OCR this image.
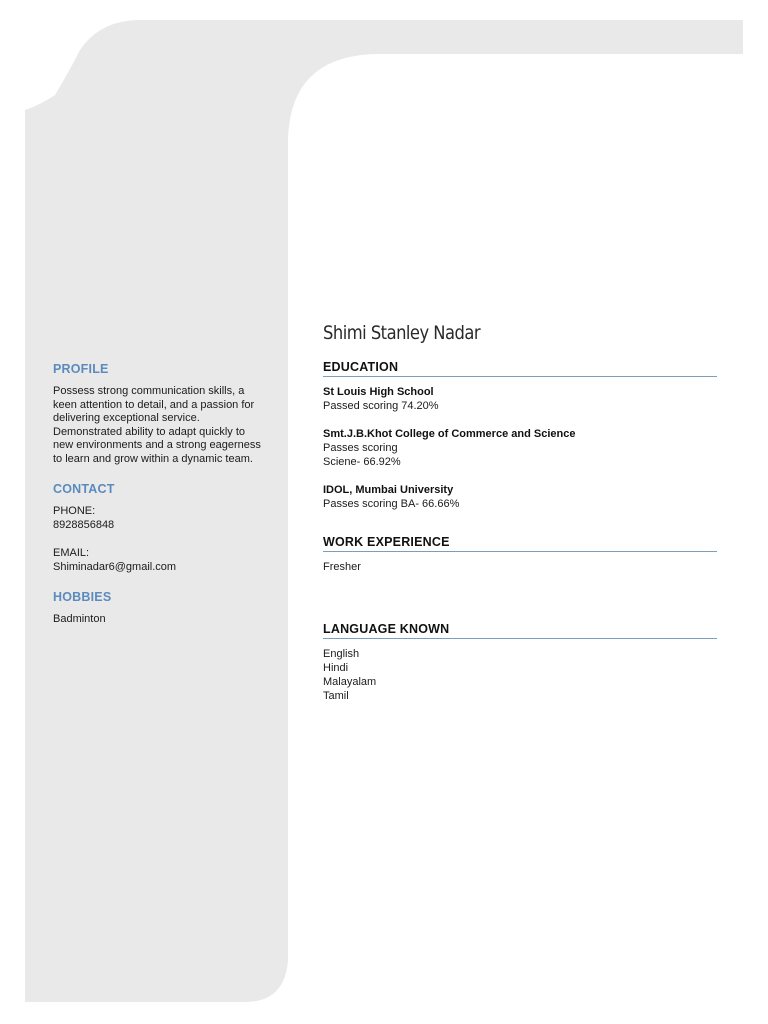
PROFILE
Possess strong communication skills, a keen attention to detail, and a passion for delivering exceptional service. Demonstrated ability to adapt quickly to new environments and a strong eagerness to learn and grow within a dynamic team.
CONTACT
PHONE:
8928856848
EMAIL:
Shiminadar6@gmail.com
HOBBIES
Badminton
Shimi Stanley Nadar
EDUCATION
St Louis High School
Passed scoring 74.20%
Smt.J.B.Khot College of Commerce and Science
Passes scoring
Sciene- 66.92%
IDOL, Mumbai University
Passes scoring BA- 66.66%
WORK EXPERIENCE
Fresher
LANGUAGE KNOWN
English
Hindi
Malayalam
Tamil
